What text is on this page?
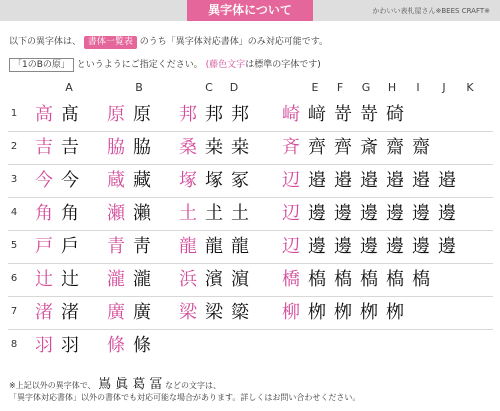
異字体について	かわいい表札屋さん※BEES CRAFT※
以下の異字体は、 書体一覧表 のうち「異字体対応書体」のみ対応可能です。
「1のBの原」 というようにご指定ください。 (藤色文字は標準の字体です)
A	B	C	D	E	F	G	H	I	J	K
1 高 髙 原 原 邦 邦 邦 崎 﨑 嵜 嵜 碕
2 吉 𠮷 脇 脇 桑 桒 桒 斉 齊 齊 斎 齋 齋
3 今 今 蔵 藏 塚 塚 冢 辺 邉 邉 邉 邉 邉 邉
4 角 角 瀬 瀨 土 𡈽 土 辺 邊 邊 邊 邊 邊 邊
5 戸 戶 青 靑 龍 龍 龍 辺 邊 邊 邊 邊 邊 邊
6 辻 辻 瀧 瀧 浜 濱 濵 橋 槗 槗 槗 槗 槗
7 渚 渚 廣 廣 梁 梁 簗 柳 栁 栁 栁 栁
8 羽 羽 條 條
※上記以外の異字体で、 嶌 眞 葛 冨 などの文字は、
「異字体対応書体」以外の書体でも対応可能な場合があります。詳しくはお問い合わせください。
